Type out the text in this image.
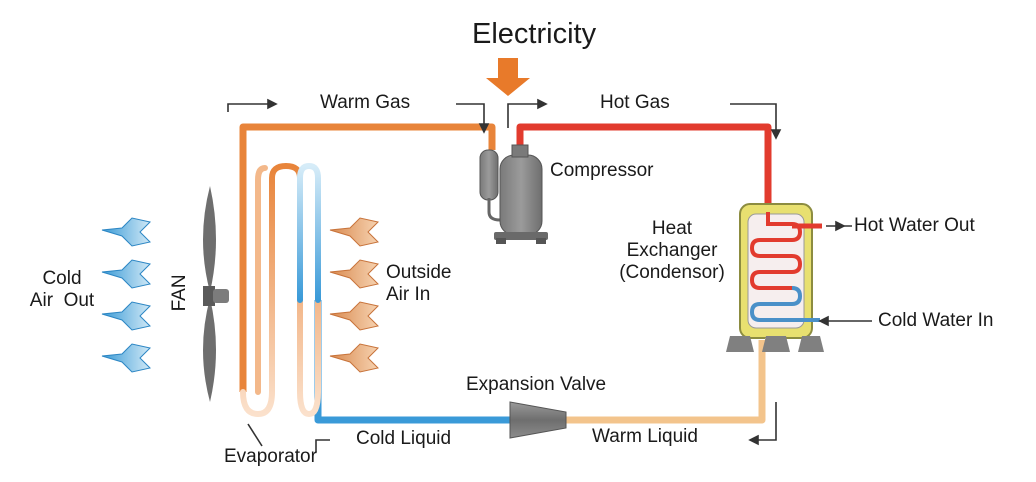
Electricity
Warm Gas	Hot Gas
Compressor
Heat
Exchanger
(Condensor)
Hot Water Out
Cold Water In
Outside
Air In
Cold
Air  Out	FAN
Expansion Valve
Cold Liquid	Warm Liquid
Evaporator
